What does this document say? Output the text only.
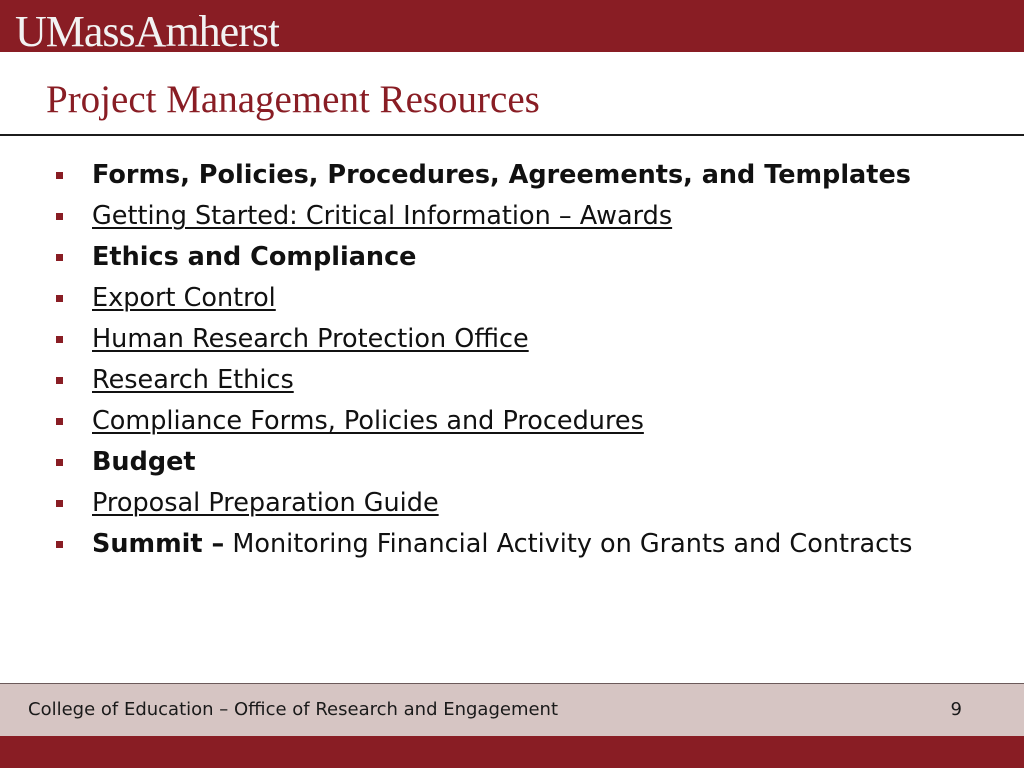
UMassAmherst
Project Management Resources
Forms, Policies, Procedures, Agreements, and Templates
Getting Started: Critical Information – Awards
Ethics and Compliance
Export Control
Human Research Protection Office
Research Ethics
Compliance Forms, Policies and Procedures
Budget
Proposal Preparation Guide
Summit – Monitoring Financial Activity on Grants and Contracts
College of Education – Office of Research and Engagement	9
